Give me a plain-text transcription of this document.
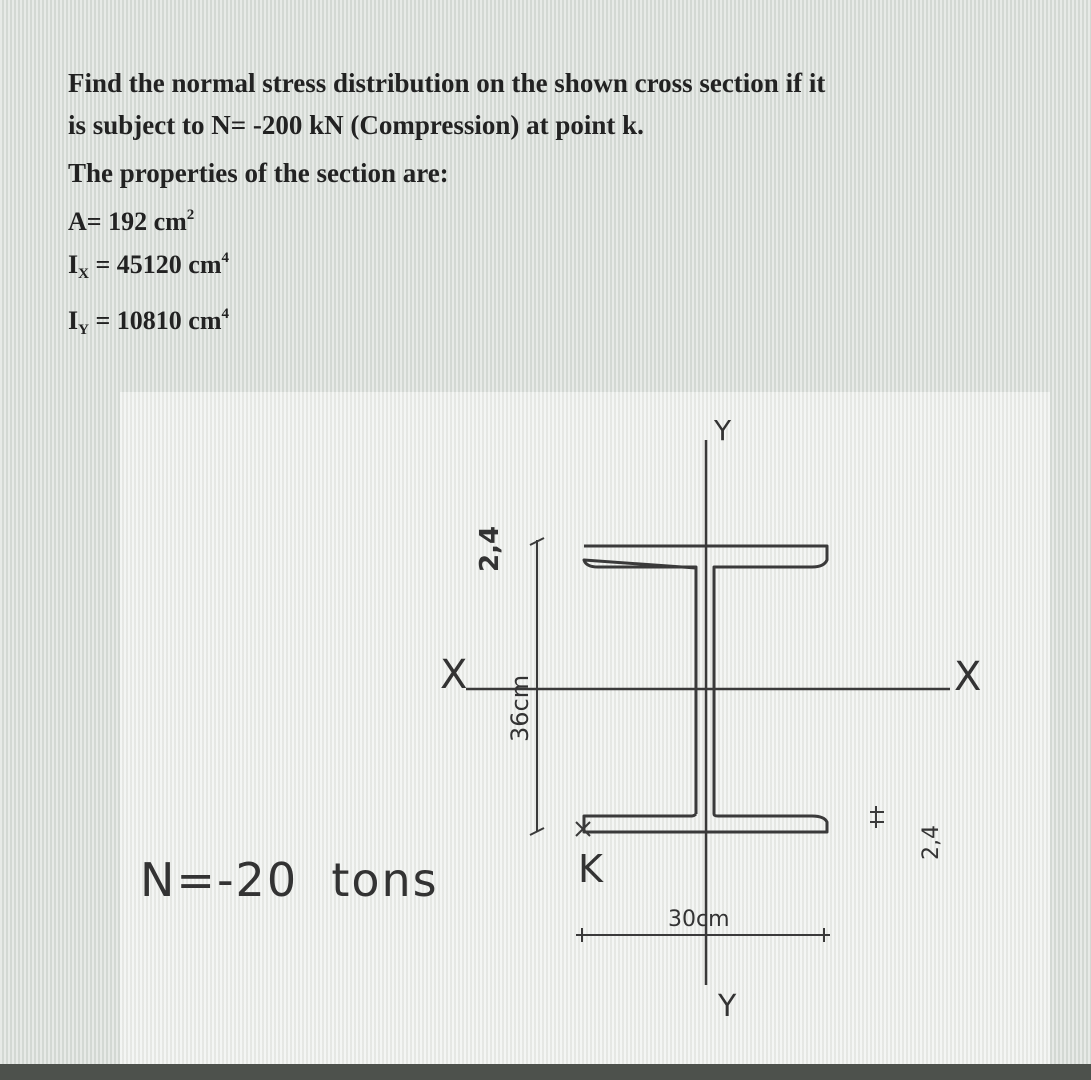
Find the normal stress distribution on the shown cross section if it
is subject to N= -200 kN (Compression) at point k.
The properties of the section are:
A= 192 $cm^2$
$I_X = 45120$ $cm^4$
$I_Y = 10810$ $cm^4$
Y
Y
X	X
36cm
2,4
2,4
30cm
N=-20  tons	K
